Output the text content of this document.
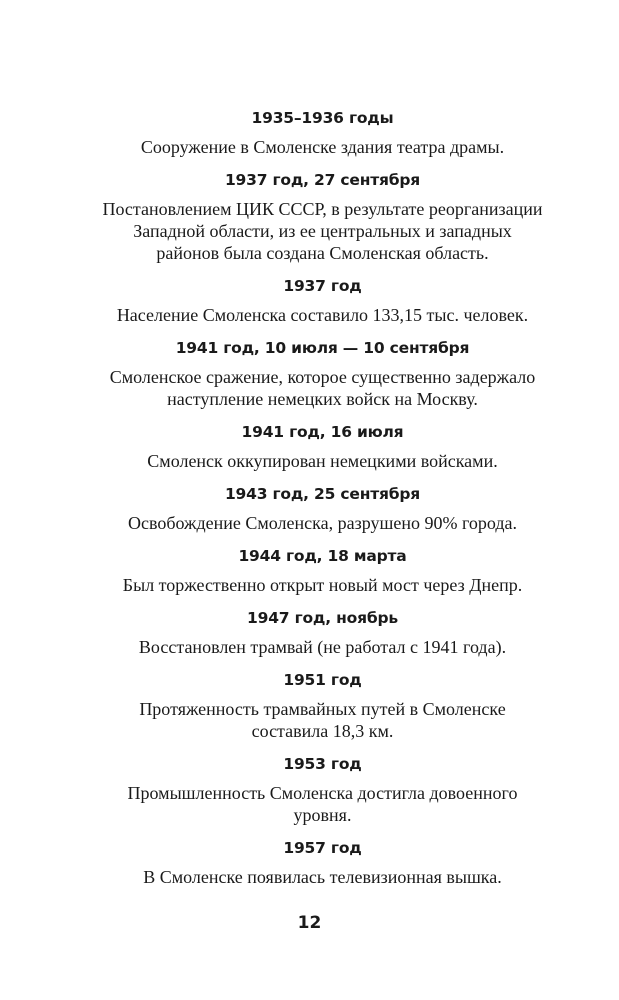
1935–1936 годы
Сооружение в Смоленске здания театра драмы.
1937 год, 27 сентября
Постановлением ЦИК СССР, в результате реорганизации
Западной области, из ее центральных и западных
районов была создана Смоленская область.
1937 год
Население Смоленска составило 133,15 тыс. человек.
1941 год, 10 июля — 10 сентября
Смоленское сражение, которое существенно задержало
наступление немецких войск на Москву.
1941 год, 16 июля
Смоленск оккупирован немецкими войсками.
1943 год, 25 сентября
Освобождение Смоленска, разрушено 90% города.
1944 год, 18 марта
Был торжественно открыт новый мост через Днепр.
1947 год, ноябрь
Восстановлен трамвай (не работал с 1941 года).
1951 год
Протяженность трамвайных путей в Смоленске
составила 18,3 км.
1953 год
Промышленность Смоленска достигла довоенного
уровня.
1957 год
В Смоленске появилась телевизионная вышка.
12
